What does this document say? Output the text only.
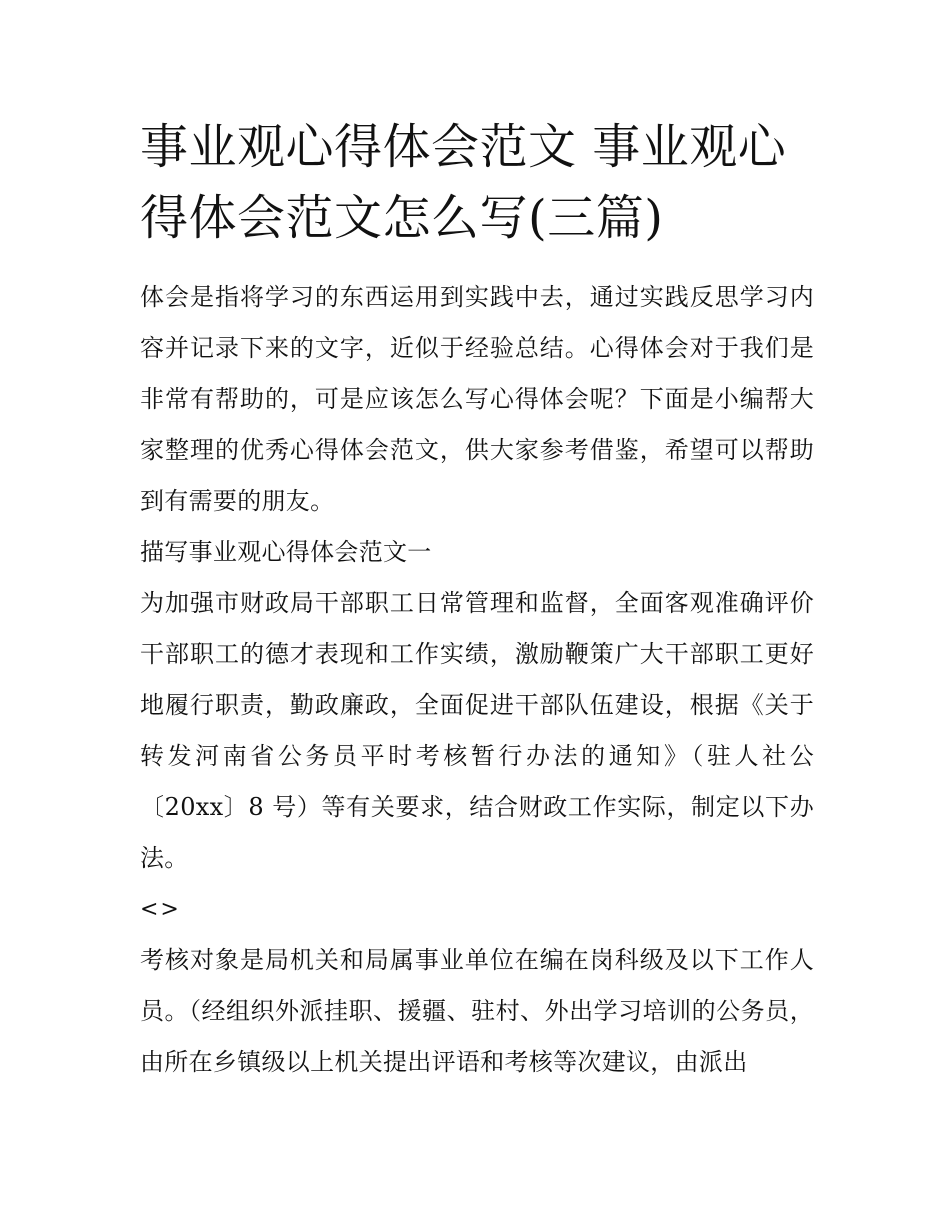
事业观心得体会范文 事业观心得体会范文怎么写(三篇)

体会是指将学习的东西运用到实践中去，通过实践反思学习内容并记录下来的文字，近似于经验总结。心得体会对于我们是非常有帮助的，可是应该怎么写心得体会呢？下面是小编帮大家整理的优秀心得体会范文，供大家参考借鉴，希望可以帮助到有需要的朋友。

描写事业观心得体会范文一

为加强市财政局干部职工日常管理和监督，全面客观准确评价干部职工的德才表现和工作实绩，激励鞭策广大干部职工更好地履行职责，勤政廉政，全面促进干部队伍建设，根据《关于转发河南省公务员平时考核暂行办法的通知》（驻人社公〔20xx〕8 号）等有关要求，结合财政工作实际，制定以下办法。

<>

考核对象是局机关和局属事业单位在编在岗科级及以下工作人员。（经组织外派挂职、援疆、驻村、外出学习培训的公务员，由所在乡镇级以上机关提出评语和考核等次建议，由派出
